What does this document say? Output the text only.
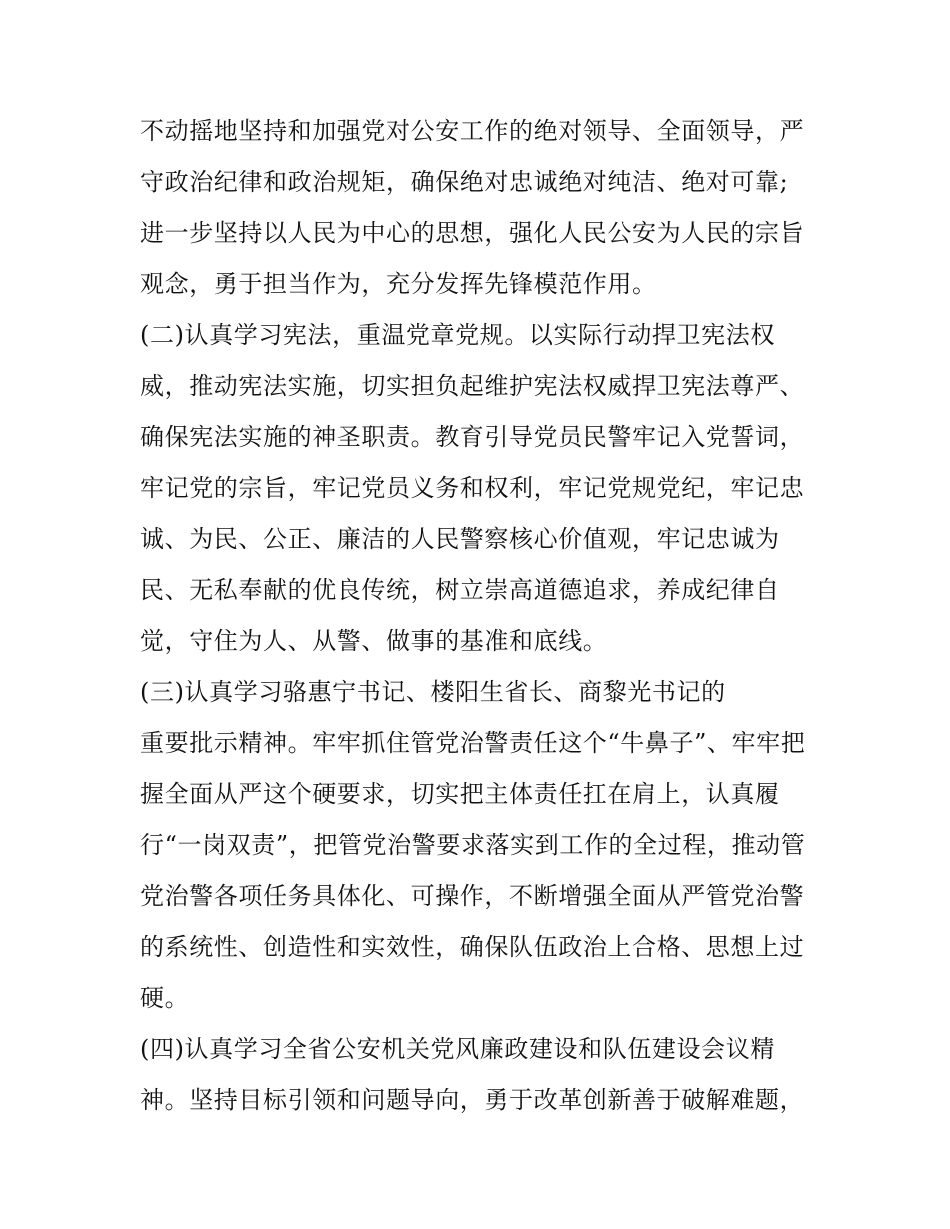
不动摇地坚持和加强党对公安工作的绝对领导、全面领导，严
守政治纪律和政治规矩，确保绝对忠诚绝对纯洁、绝对可靠;
进一步坚持以人民为中心的思想，强化人民公安为人民的宗旨
观念，勇于担当作为，充分发挥先锋模范作用。
(二)认真学习宪法，重温党章党规。以实际行动捍卫宪法权
威，推动宪法实施，切实担负起维护宪法权威捍卫宪法尊严、
确保宪法实施的神圣职责。教育引导党员民警牢记入党誓词，
牢记党的宗旨，牢记党员义务和权利，牢记党规党纪，牢记忠
诚、为民、公正、廉洁的人民警察核心价值观，牢记忠诚为
民、无私奉献的优良传统，树立崇高道德追求，养成纪律自
觉，守住为人、从警、做事的基准和底线。
(三)认真学习骆惠宁书记、楼阳生省长、商黎光书记的
重要批示精神。牢牢抓住管党治警责任这个“牛鼻子”、牢牢把
握全面从严这个硬要求，切实把主体责任扛在肩上，认真履
行“一岗双责”，把管党治警要求落实到工作的全过程，推动管
党治警各项任务具体化、可操作，不断增强全面从严管党治警
的系统性、创造性和实效性，确保队伍政治上合格、思想上过
硬。
(四)认真学习全省公安机关党风廉政建设和队伍建设会议精
神。坚持目标引领和问题导向，勇于改革创新善于破解难题，
